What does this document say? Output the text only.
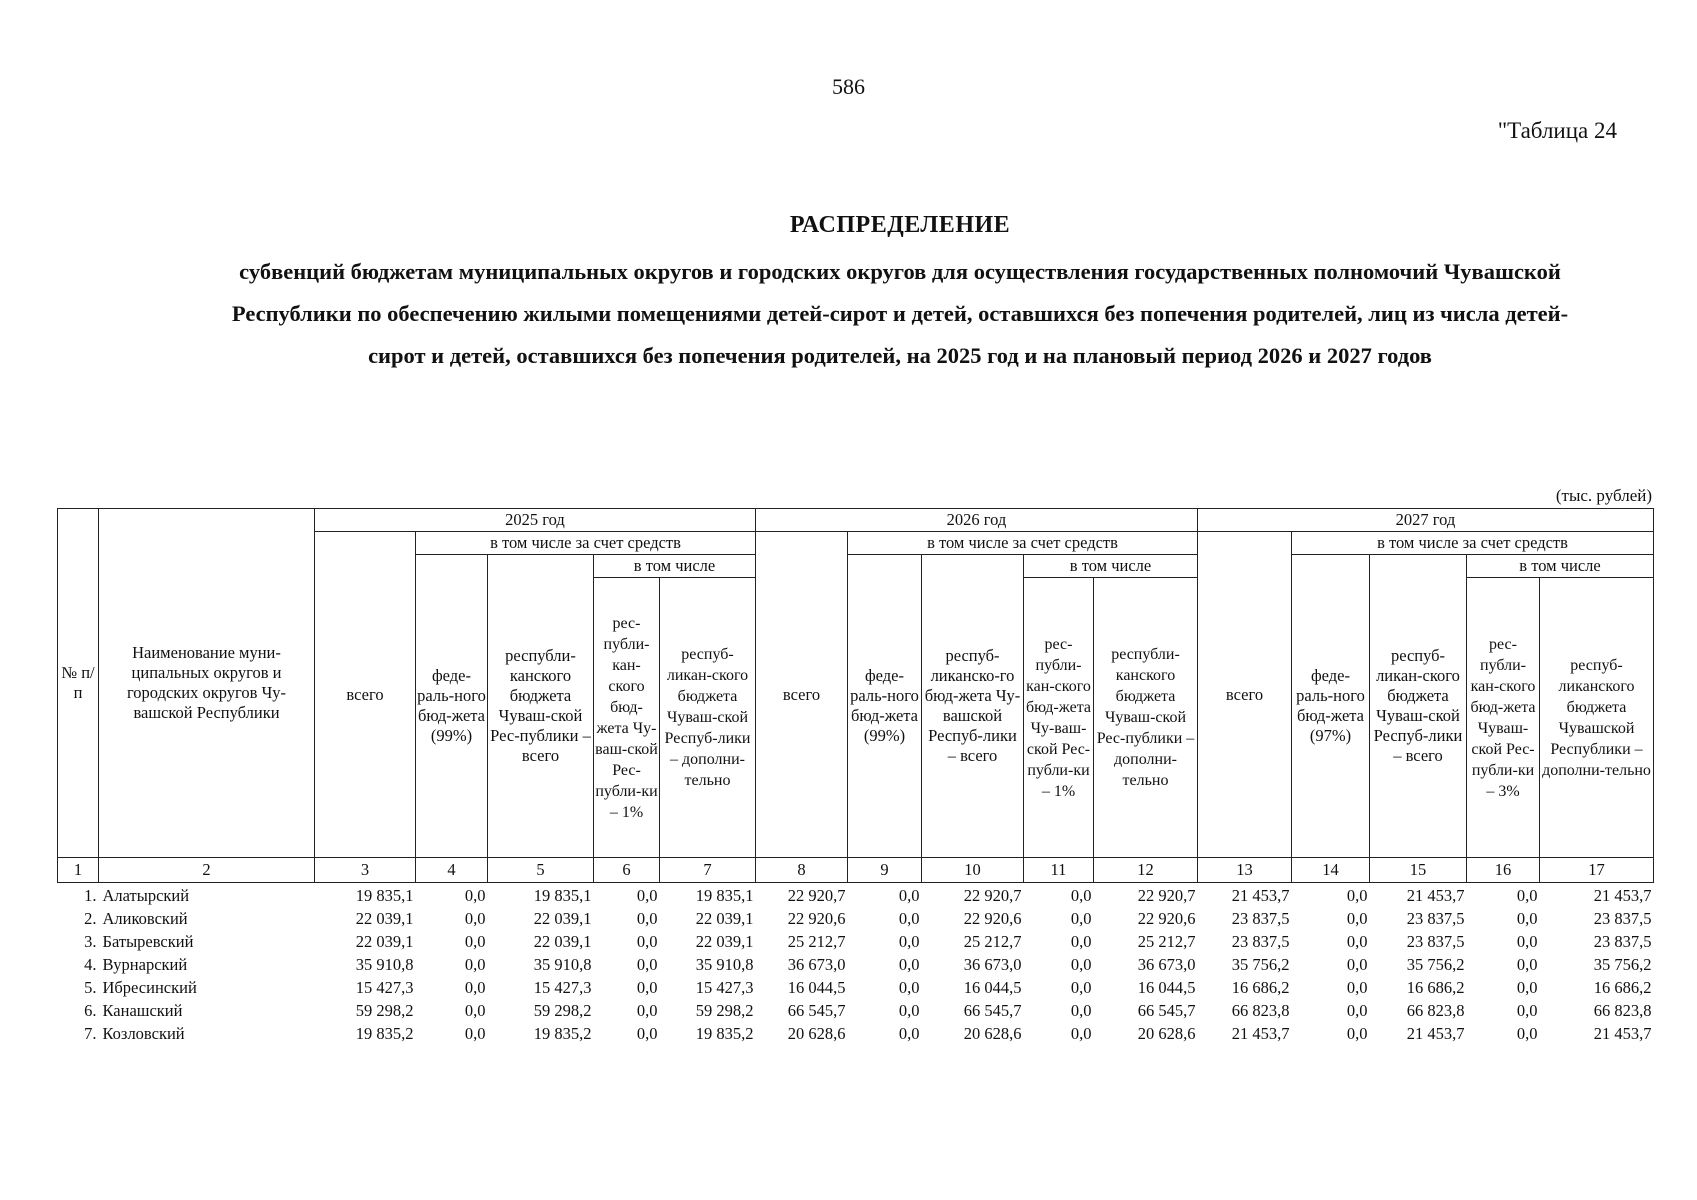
586
"Таблица 24
РАСПРЕДЕЛЕНИЕ
субвенций бюджетам муниципальных округов и городских округов для осуществления государственных полномочий Чувашской Республики по обеспечению жилыми помещениями детей-сирот и детей, оставшихся без попечения родителей, лиц из числа детей-сирот и детей, оставшихся без попечения родителей, на 2025 год и на плановый период 2026 и 2027 годов
(тыс. рублей)
№ п/п	Наименование муни-ципальных округов и городских округов Чу-вашской Республики	2025 год					2026 год					2027 год				
		всего	в том числе за счет средств				всего	в том числе за счет средств				всего	в том числе за счет средств			
			феде-раль-ного бюд-жета (99%)	республи-канского бюджета Чуваш-ской Рес-публики – всего	в том числе			феде-раль-ного бюд-жета (99%)	респуб-ликанско-го бюд-жета Чу-вашской Респуб-лики – всего	в том числе			феде-раль-ного бюд-жета (97%)	респуб-ликан-ского бюджета Чуваш-ской Респуб-лики – всего	в том числе	
					рес-публи-кан-ского бюд-жета Чу-ваш-ской Рес-публи-ки – 1%	респуб-ликан-ского бюджета Чуваш-ской Респуб-лики – дополни-тельно				рес-публи-кан-ского бюд-жета Чу-ваш-ской Рес-публи-ки – 1%	республи-канского бюджета Чуваш-ской Рес-публики – дополни-тельно				рес-публи-кан-ского бюд-жета Чуваш-ской Рес-публи-ки – 3%	респуб-ликанского бюджета Чувашской Республики – дополни-тельно
1	2	3	4	5	6	7	8	9	10	11	12	13	14	15	16	17
1.	Алатырский	19 835,1	0,0	19 835,1	0,0	19 835,1	22 920,7	0,0	22 920,7	0,0	22 920,7	21 453,7	0,0	21 453,7	0,0	21 453,7
2.	Аликовский	22 039,1	0,0	22 039,1	0,0	22 039,1	22 920,6	0,0	22 920,6	0,0	22 920,6	23 837,5	0,0	23 837,5	0,0	23 837,5
3.	Батыревский	22 039,1	0,0	22 039,1	0,0	22 039,1	25 212,7	0,0	25 212,7	0,0	25 212,7	23 837,5	0,0	23 837,5	0,0	23 837,5
4.	Вурнарский	35 910,8	0,0	35 910,8	0,0	35 910,8	36 673,0	0,0	36 673,0	0,0	36 673,0	35 756,2	0,0	35 756,2	0,0	35 756,2
5.	Ибресинский	15 427,3	0,0	15 427,3	0,0	15 427,3	16 044,5	0,0	16 044,5	0,0	16 044,5	16 686,2	0,0	16 686,2	0,0	16 686,2
6.	Канашский	59 298,2	0,0	59 298,2	0,0	59 298,2	66 545,7	0,0	66 545,7	0,0	66 545,7	66 823,8	0,0	66 823,8	0,0	66 823,8
7.	Козловский	19 835,2	0,0	19 835,2	0,0	19 835,2	20 628,6	0,0	20 628,6	0,0	20 628,6	21 453,7	0,0	21 453,7	0,0	21 453,7
